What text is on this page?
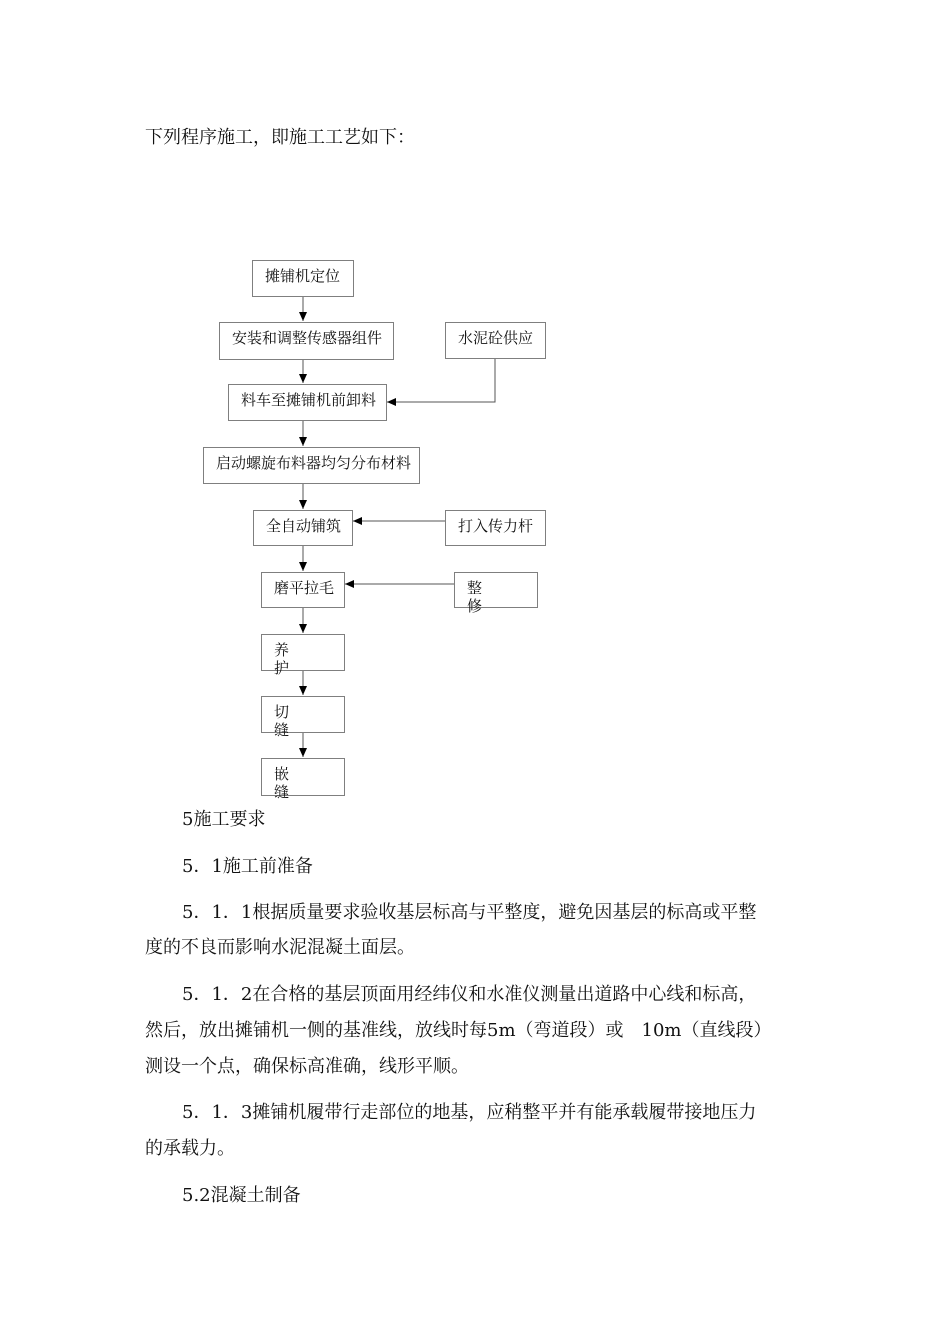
下列程序施工，即施工工艺如下：

摊铺机定位
安装和调整传感器组件
料车至摊铺机前卸料
启动螺旋布料器均匀分布材料
全自动铺筑
磨平拉毛
养护
切缝
嵌缝
水泥砼供应
打入传力杆
整修

5施工要求

5．1施工前准备

5．1．1根据质量要求验收基层标高与平整度，避免因基层的标高或平整

度的不良而影响水泥混凝土面层。

5．1．2在合格的基层顶面用经纬仪和水准仪测量出道路中心线和标高，

然后，放出摊铺机一侧的基准线，放线时每5m（弯道段）或　10m（直线段）

测设一个点，确保标高准确，线形平顺。

5．1．3摊铺机履带行走部位的地基，应稍整平并有能承载履带接地压力

的承载力。

5.2混凝土制备
